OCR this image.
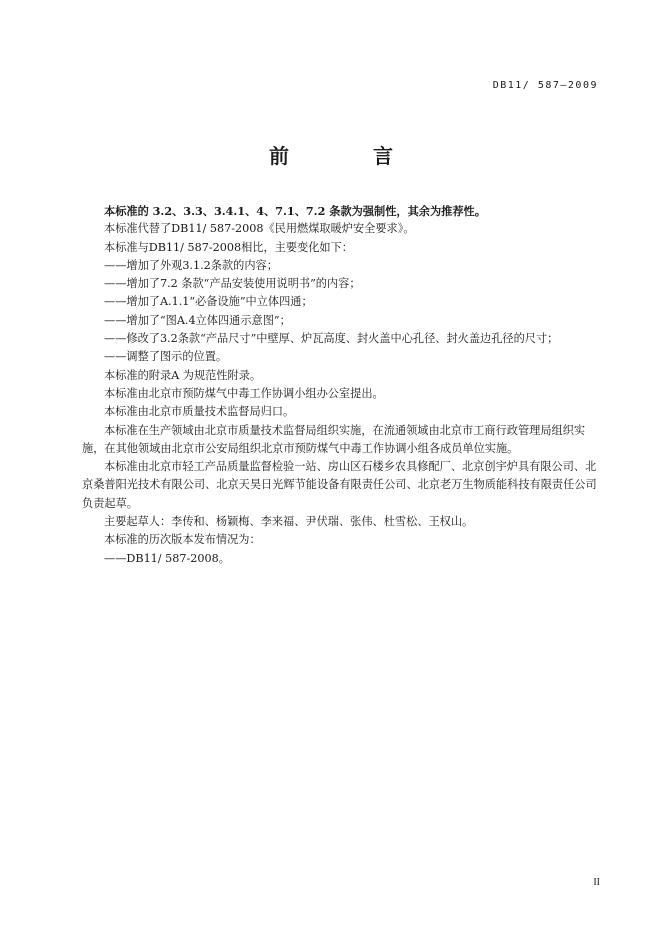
DB11/ 587—2009
前　言

本标准的 3.2、3.3、3.4.1、4、7.1、7.2 条款为强制性，其余为推荐性。

本标准代替了DB11/ 587-2008《民用燃煤取暖炉安全要求》。

本标准与DB11/ 587-2008相比，主要变化如下：

——增加了外观3.1.2条款的内容；

——增加了7.2 条款“产品安装使用说明书”的内容；

——增加了A.1.1“必备设施”中立体四通；

——增加了“图A.4立体四通示意图”；

——修改了3.2条款“产品尺寸”中壁厚、炉瓦高度、封火盖中心孔径、封火盖边孔径的尺寸；

——调整了图示的位置。

本标准的附录A 为规范性附录。

本标准由北京市预防煤气中毒工作协调小组办公室提出。

本标准由北京市质量技术监督局归口。

本标准在生产领域由北京市质量技术监督局组织实施，在流通领域由北京市工商行政管理局组织实施，在其他领域由北京市公安局组织北京市预防煤气中毒工作协调小组各成员单位实施。

本标准由北京市轻工产品质量监督检验一站、房山区石楼乡农具修配厂、北京创宇炉具有限公司、北京桑普阳光技术有限公司、北京天昊日光辉节能设备有限责任公司、北京老万生物质能科技有限责任公司负责起草。

主要起草人：李传和、杨颖梅、李来福、尹伏瑞、张伟、杜雪松、王权山。

本标准的历次版本发布情况为：

——DB11/ 587-2008。

II
